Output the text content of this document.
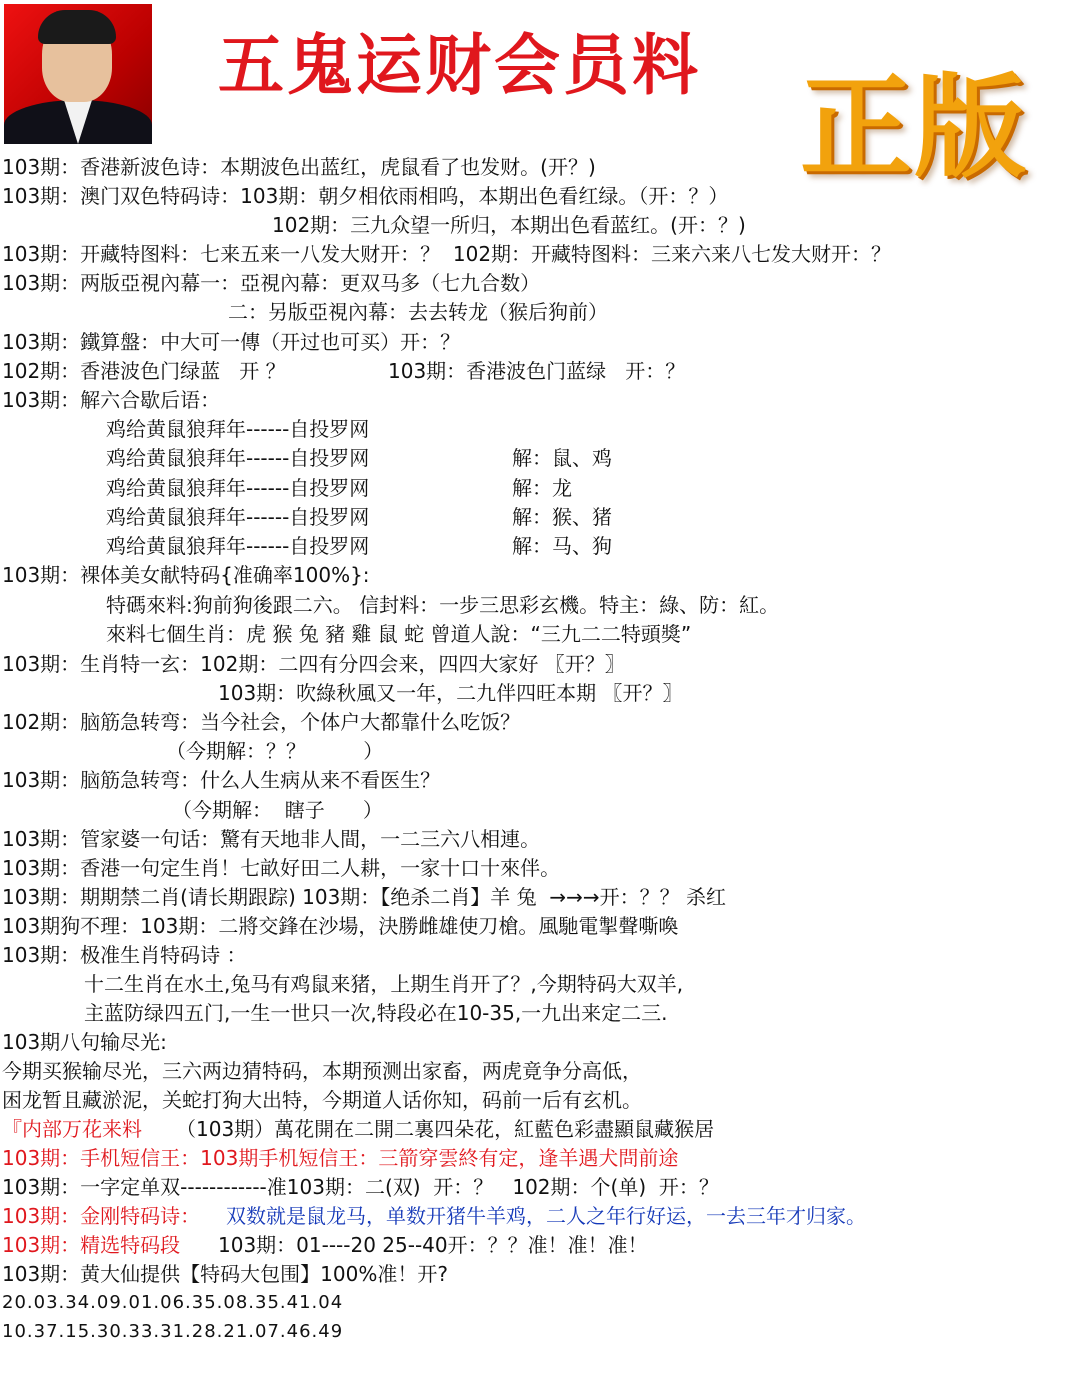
五鬼运财会员料 正版
103期：香港新波色诗：本期波色出蓝红，虎鼠看了也发财。(开？)
103期：澳门双色特码诗：103期：朝夕相依雨相呜，本期出色看红绿。（开：？）
102期：三九众望一所归，本期出色看蓝红。(开：？)
103期：开藏特图料：七来五来一八发大财开：？  102期：开藏特图料：三来六来八七发大财开：？
103期：两版亞視內幕一：亞視內幕：更双马多（七九合数）
二：另版亞視內幕：去去转龙（猴后狗前）
103期：鐵算盤：中大可一傳（开过也可买）开：？
102期：香港波色门绿蓝   开 ？	103期：香港波色门蓝绿   开：？
103期：解六合歇后语：
鸡给黄鼠狼拜年------自投罗网
鸡给黄鼠狼拜年------自投罗网	解：鼠、鸡
鸡给黄鼠狼拜年------自投罗网	解：龙
鸡给黄鼠狼拜年------自投罗网	解：猴、猪
鸡给黄鼠狼拜年------自投罗网	解：马、狗
103期：裸体美女献特码{准确率100%}:
特碼來料:狗前狗後跟二六。 信封料：一步三思彩玄機。特主：綠、防：紅。
來料七個生肖：虎 猴 兔 豬 雞 鼠 蛇 曾道人說：“三九二二特頭獎”
103期：生肖特一玄：102期：二四有分四会来，四四大家好 〖开？〗
103期：吹綠秋風又一年，二九伴四旺本期 〖开？〗
102期：脑筋急转弯：当今社会，个体户大都靠什么吃饭？
（今期解：？？         ）
103期：脑筋急转弯：什么人生病从来不看医生？
（今期解：  瞎子      ）
103期：管家婆一句话：驚有天地非人間，一二三六八相連。
103期：香港一句定生肖！七畝好田二人耕，一家十口十來伴。
103期：期期禁二肖(请长期跟踪) 103期：【绝杀二肖】羊 兔  →→→开：？？ 杀红
103期狗不理：103期：二將交鋒在沙場，決勝雌雄使刀槍。風馳電掣聲嘶喚
103期：极准生肖特码诗 ：
十二生肖在水土,兔马有鸡鼠来猪，上期生肖开了？,今期特码大双羊,
主蓝防绿四五门,一生一世只一次,特段必在10-35,一九出来定二三.
103期八句输尽光:
今期买猴输尽光，三六两边猜特码，本期预测出家畜，两虎竟争分高低，
困龙暂且藏淤泥，关蛇打狗大出特，今期道人话你知，码前一后有玄机。
『内部万花来料 （103期）萬花開在二開二裏四朵花，紅藍色彩盡顯鼠藏猴居
103期：手机短信王：103期手机短信王：三箭穿雲終有定，逢羊遇犬問前途
103期：一字定单双------------准103期：二(双)  开：？   102期：个(单)  开：？
103期：金刚特码诗： 双数就是鼠龙马，单数开猪牛羊鸡，二人之年行好运，一去三年才归家。
103期：精选特码段 103期：01----20 25--40开：？？准！准！准！
103期：黄大仙提供【特码大包围】100%准！开?
20.03.34.09.01.06.35.08.35.41.04
10.37.15.30.33.31.28.21.07.46.49
